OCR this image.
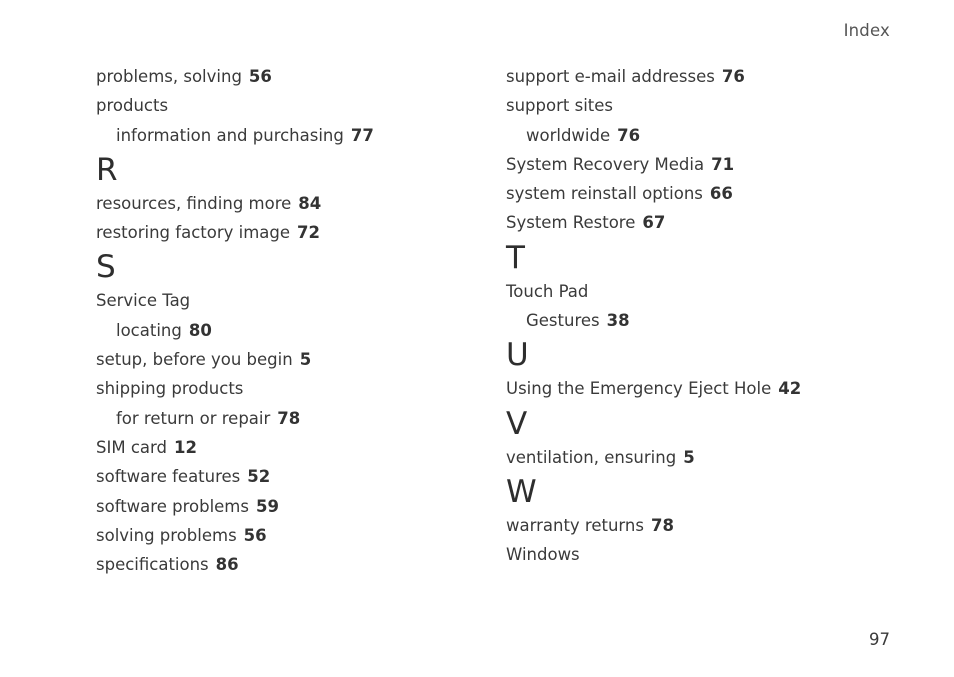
Index
problems, solving 56
products
information and purchasing 77
R
resources, finding more 84
restoring factory image 72
S
Service Tag
locating 80
setup, before you begin 5
shipping products
for return or repair 78
SIM card 12
software features 52
software problems 59
solving problems 56
specifications 86
support e-mail addresses 76
support sites
worldwide 76
System Recovery Media 71
system reinstall options 66
System Restore 67
T
Touch Pad
Gestures 38
U
Using the Emergency Eject Hole 42
V
ventilation, ensuring 5
W
warranty returns 78
Windows
97
